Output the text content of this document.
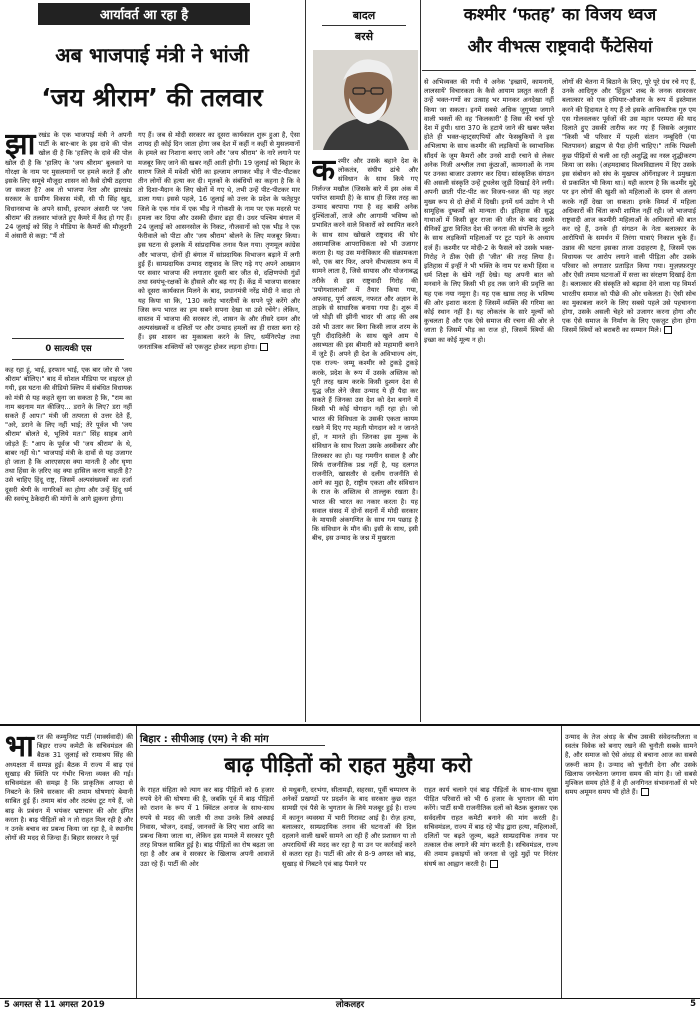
आर्यावर्त आ रहा है
अब भाजपाई मंत्री ने भांजी
‘जय श्रीराम’ की तलवार
झा रखंड के एक भाजपाई मंत्री ने अपनी पार्टी के बार-बार के इस दावे की पोल खोल दी है कि 'हालिए के दावे की पोल खोल दी है कि 'हालिए के 'जय श्रीराम' बुलवाने या गोरक्षा के नाम पर मुसलमानों पर हमले करते हैं और इसके लिए समूचे मौजूदा शासन को कैसे दोषी ठहराया जा सकता है? अब तो भाजपा नेता और झारखंड सरकार के ग्रामीण विकास मंत्री, सी पी सिंह खुद, विधानसभा के अपने साथी, इरफान अंसारी पर 'जय श्रीराम' की तलवार भांजते हुए कैमरे में कैद हो गए हैं। 24 जुलाई को सिंह ने मीडिया के कैमरों की मौजूदगी में अंसारी से कहा: "मैं तो
0 सात्यकी एस
कह रहा हूं, भाई, इरफान भाई, एक बार जोर से 'जय श्रीराम' बोलिए।" बाद में सोशल मीडिया पर वाइरल हो गयी, इस घटना की वीडियो क्लिप में संबंधित विधायक को मंत्री से यह कहते सुना जा सकता है कि, "राम का नाम बदनाम मत कीजिए... डराने के लिए? डरा नहीं सकते हैं आप।" मंत्री जी तत्परता से उत्तर देते हैं, "अरे, डराने के लिए नहीं भाई; तेरे पूर्वज भी 'जय श्रीराम' बोलते थे, भूलिये मत।" सिंह साहब आगे जोड़ते हैं: "आप के पूर्वज भी 'जय श्रीराम' के थे, बाबर नहीं थे।" भाजपाई मंत्री के दावों से यह उजागर हो जाता है कि आरएसएस क्या मानती है और घृणा तथा हिंसा के ज़रिए वह क्या हासिल करना चाहती है? उसे चाहिए हिंदू राष्ट्र, जिसमें अल्पसंख्यकों का दर्जा दूसरी श्रेणी के नागरिकों का होगा और उन्हें हिंदू धर्म की स्वयंभू ठेकेदारी की मांगों के आगे झुकना होगा।
गए हैं। जब से मोदी सरकार का दूसरा कार्यकाल शुरू हुआ है, ऐसा शायद ही कोई दिन जाता होगा जब देश में कहीं न कहीं से मुसलमानों के हमले का निशाना बनाए जाने और 'जय श्रीराम' के नारे लगाने पर मजबूर किए जाने की खबर नहीं आती होगी। 19 जुलाई को बिहार के सारण जिले में मवेशी चोरी का इल्जाम लगाकर भीड़ ने पीट-पीटकर तीन लोगों की हत्या कर दी। मृतकों के संबंधियों का कहना है कि वे तो दिशा-मैदान के लिए खेतों में गए थे, तभी उन्हें पीट-पीटकर मार डाला गया। इससे पहले, 16 जुलाई को उत्तर के प्रदेश के फतेहपुर जिले के एक गांव में एक भीड़ ने गोकशी के नाम पर एक मदरसे पर हमला कर दिया और उसकी दीवार ढहा दी। उधर पश्चिम बंगाल में 24 जुलाई को आसनसोल के निकट, नौजवानों को एक भीड़ ने एक फेरीवाले को पीटा और 'जय श्रीराम' बोलने के लिए मजबूर किया। इस घटना से इलाके में सांप्रदायिक तनाव फैल गया। तृणमूल कांग्रेस और भाजपा, दोनों ही बंगाल में सांप्रदायिक विभाजन बढ़ाने में लगी हुई हैं। साम्प्रदायिक उन्माद राष्ट्रवाद के लिए गढ़े गए अपने आख्यान पर सवार भाजपा की लगातार दूसरी बार जीत से, दक्षिणपंथी गुंडों तथा स्वयंभू-रक्षकों के हौसले और बढ़ गए हैं। केंद्र में भाजपा सरकार को दूसरा कार्यकाल मिलने के बाद, प्रधानमंत्री नरेंद्र मोदी ने वादा तो यह किया था कि, '130 करोड़ भारतीयों के सपने पूरे करेंगे और जिस रूप भारत का हम सबने सपना देखा था उसे रचेंगे'। लेकिन, वास्तव में भाजपा की सरकार तो, शासन के और तीसरे दमन और अल्पसंख्यकों व दलितों पर और उन्माद हमलों का ही रास्ता बना रहे हैं। इस शासन का मुकाबला करने के लिए, धर्मनिरपेक्ष तथा जनतांत्रिक शक्तियों को एकजुट होकर लड़ना होगा।
बादल
बरसे
क श्मीर और उसके बहाने देश के लोकतंत्र, संघीय ढांचे और संविधान के साथ किये गए निर्लज्ज मखौल (जिसके बारे में इस अंक में पर्याप्त सामग्री है) के साथ ही जिस तरह का उन्माद बरपाया गया है वह बाकी अनेक दुश्चिंताओं, ताजे और आगामी भविष्य को प्रभावित करने वाले विकारों को स्थापित करने के साथ साथ खोखले राष्ट्रवाद की घोर असामाजिक आपराधिकता को भी उजागर करता है। यह उस मनोविकार की संक्रामकता को, एक बार फिर, अपने वीभत्सतम रूप में सामने लाता है, जिसे सायास और योजनाबद्ध तरीके से इस राष्ट्रवादी गिरोह की 'प्रयोगशालाओं' में तैयार किया गया, अफवाह, पूर्ण असत्य, नफरत और अज्ञान के ताड़के से साधारिक बनाया गया है। शुरू में जो थोड़ी सी झीनी चादर थी आड़ की अब उसे भी उतार कर बिना किसी लाज शरम के पूरी दीदादिलेरी के साथ खुले आम ये असभ्यता की इस बीमारी को महामारी बनाने में जुटे हैं। अपने ही देश के अविभाज्य अंग, एक राज्य- जम्मू कश्मीर को टुकड़े टुकड़े करके, प्रदेश के रूप में उसके अस्तित्व को पूरी तरह खत्म करके किसी दुश्मन देश से युद्ध जीत लेने जैसा उन्माद ये ही पैदा कर सकते हैं जिनका उस देश को देश बनाने में किसी भी कोई योगदान नहीं रहा हो। जो भारत की विविधता के उसकी एकता कायम रखने में दिए गए महती योगदान को न जानते हों, न मानते हों। जिनका इस मुल्क के संविधान के साथ रिश्ता उसके अस्वीकार और तिरस्कार का हो। यह गमगीन सवाल है और सिर्फ राजनीतिक प्रश्न नहीं है, यह दलगत राजनीति, खासतौर से दलीय राजनीति से आगे का मुद्दा है, राष्ट्रीय एकता और संविधान के राज के अस्तित्व से ताल्लुक रखता है। भारत की भारत का नकार करता है। यह सवाल संसद में दोनों सदनों में मोदी सरकार के मायावी अंकगणित के साथ गम पछाड़ है कि संविधान के मौन की। इसी के साथ, इसी बीच, इस उन्माद के जश्न में मुखरता
कश्मीर ‘फतह’ का विजय ध्वज
और वीभत्स राष्ट्रवादी फैंटेसियां
से अभिव्यक्त की गयी ये अनेक 'इच्छायें, कामनायें, लालसायें' विचारकता के कैसे आयाम प्रस्तुत करती हैं उन्हें भक्त-गणों का उत्साह भर मानकर अनदेखा नहीं किया जा सकता। इनमें सबसे अधिक जुगुप्सा जगाने वाली भक्तों की वह 'किलकारी' है जिस की चर्चा पूरे देश में हुयी। धारा 370 के हटाये जाने की खबर फ्लैश होते ही भक्त-व्हाट्सएपियों और फेसबुकियों ने इस अभिलाषा के साथ कश्मीर की लड़कियों के स्वाभाविक सौंदर्य के जूम कैमरों और उनसे शादी रचाने से लेकर अनेक निजी अश्लील तथा कुंठाओं, कामनाओं के नाम पर उनका बाजार उजागर कर दिया। सांस्कृतिक संगठन की असली संस्कृति उन्हें टूथलेस जुड़ी दिखाई देने लगी। अपनी छाती पीट-पीट कर विजय-ध्वज की यह लहर मुख्य रूप से दो क्षेत्रों में दिखी। इनमें धर्म उद्योग ने भी सामूहिक दुष्कर्मों को मान्यता दी। इतिहास की सुद्ध गाथाओं में किसी क्रूर राजा की जीत के बाद उसके सैनिकों द्वारा विजित देश की जनता की संपत्ति के लूटने के साथ लड़कियों महिलाओं पर टूट पड़ने के अध्याय दर्ज हैं। कश्मीर पर मोदी-2 के फैसले को उसके भक्त-गिरोह ने ठीक ऐसी ही 'जीत' की तरह लिया है। इतिहास में इन्हीं ने भी भक्ति के नाम पर कभी हिंसा व धर्म शिक्षा के खेमे नहीं देखे। यह अपनी बात को मनवाने के लिए किसी भी हद तक जाने की प्रवृत्ति का यह एक नया नमूना है। यह एक खास तरह के भविष्य की ओर इशारा करता है जिसमें व्यक्ति की गरिमा का कोई स्थान नहीं है। यह लोकतंत्र के सारे मूल्यों को कुचलता है और एक ऐसे समाज की रचना की ओर ले जाता है जिसमें भीड़ का राज हो, जिसमें स्त्रियों की इच्छा का कोई मूल्य न हो।
लोगों की चेतना में बिठाने के लिए, पूरे पूरे ग्रंथ रचे गए हैं, उनके आदिगुरु और 'हिंदुत्व' शब्द के जनक सावरकर बलात्कार को एक हथियार-औजार के रूप में इस्तेमाल करने की हिदायत दे गए हैं तो इसके आधिकारिक गुरु एम एस गोलवलकर पूर्वजों की उस महान परम्परा की याद दिलाते हुए उसकी तारीफ कर गए हैं जिसके अनुसार "किसी भी परिवार में पहली संतान नम्बूदिरी (या चितपावन) ब्राह्मण से पैदा होनी चाहिए।" ताकि पिछली कुछ पीढ़ियों से चली आ रही अशुद्धि का नस्ल शुद्धीकरण किया जा सके। (अहमदाबाद विश्वविद्यालय में दिए उसके इस संबोधन को संघ के मुखपत्र ऑर्गेनाइजर ने प्रमुखता से प्रकाशित भी किया था।) यही कारण है कि कश्मीर मुद्दे पर इन लोगों की खुशी को महिलाओं के दमन से अलग करके नहीं देखा जा सकता। इनके विमर्श में महिला अधिकारों की चिंता कभी शामिल नहीं रही। जो भाजपाई राष्ट्रवादी आज कश्मीरी महिलाओं के अधिकारों की बात कर रहे हैं, उनके ही संगठन के नेता बलात्कार के आरोपियों के समर्थन में तिरंगा यात्राएं निकाल चुके हैं। उन्नाव की घटना इसका ताजा उदाहरण है, जिसमें एक विधायक पर आरोप लगाने वाली पीड़िता और उसके परिवार को लगातार प्रताड़ित किया गया। मुज़फ़्फ़रपुर और ऐसी तमाम घटनाओं में सत्ता का संरक्षण दिखाई देता है। बलात्कार की संस्कृति को बढ़ावा देने वाला यह विमर्श भारतीय समाज को पीछे की ओर धकेलता है। ऐसी सोच का मुकाबला करने के लिए सबसे पहले उसे पहचानना होगा, उसके असली चेहरे को उजागर करना होगा और एक ऐसे समाज के निर्माण के लिए एकजुट होना होगा जिसमें स्त्रियों को बराबरी का सम्मान मिले।
भा रत की कम्युनिस्ट पार्टी (मार्क्सवादी) की बिहार राज्य कमेटी के सचिवमंडल की बैठक 31 जुलाई को रामाश्रय सिंह की अध्यक्षता में सम्पन्न हुई। बैठक में राज्य में बाढ़ एवं सुखाड़ की स्थिति पर गंभीर चिन्ता व्यक्त की गई। सचिवमंडल की समझ है कि प्राकृतिक आपदा से निबटने के लिये सरकार की तमाम घोषणाएं बेमानी साबित हुई हैं। तमाम बांध और तटबंध टूट गये हैं, जो बाढ़ के प्रबंधन में भयंकर भ्रष्टाचार की ओर इंगित करता है। बाढ़ पीड़ितों को न तो राहत मिल रही है और न उनके बचाव का प्रबन्ध किया जा रहा है, वे स्थानीय लोगों की मदद से जिन्दा हैं। बिहार सरकार ने पूर्व
बिहार : सीपीआइ (एम) ने की मांग
बाढ़ पीड़ितों को राहत मुहैया करो
के राहत संहिता को त्याग कर बाढ़ पीड़ितों को 6 हजार रुपये देने की घोषणा की है, जबकि पूर्व में बाढ़ पीड़ितों को राशन के रूप में 1 क्विंटल अनाज के साथ-साथ रुपये से मदद की जाती थी तथा उनके लिये अस्थाई निवास, भोजन, दवाई, जानवरों के लिए चारा आदि का प्रबन्ध किया जाता था, लेकिन इस मामले में सरकार पूरी तरह विफल साबित हुई है। बाढ़ पीड़ितों का रोष बढ़ता जा रहा है और अब वे सरकार के खिलाफ अपनी आवाजें उठा रहे हैं। पार्टी की ओर
से मधुबनी, दरभंगा, सीतामढ़ी, सहरसा, पूर्वी चम्पारण के अनेकों प्रखण्डों पर प्रदर्शन के बाद सरकार कुछ राहत सामग्री एवं पैसे के भुगतान के लिये मजबूर हुई है। राज्य में कानून व्यवस्था में भारी गिरावट आई है। रोज़ हत्या, बलात्कार, साम्प्रदायिक तनाव की घटनाओं की दिल दहलाने वाली खबरें सामने आ रही हैं और प्रशासन या तो अपराधियों की मदद कर रहा है या उन पर कार्रवाई करने से कतरा रहा है। पार्टी की ओर से 8-9 अगस्त को बाढ़, सुखाड़ से निबटने एवं बाढ़ पैमाने पर
राहत कार्य चलाने एवं बाढ़ पीड़ितों के साथ-साथ सूखा पीड़ित परिवारों को भी 6 हजार के भुगतान की मांग करेंगे। पार्टी सभी राजनीतिक दलों को बैठक बुलाकर एक सर्वदलीय राहत कमेटी बनाने की मांग करती है। सचिवमंडल, राज्य में बाढ़ रहे भीड़ द्वारा हत्या, महिलाओं, दलितों पर बढ़ते जुल्म, बढ़ते साम्प्रदायिक तनाव पर तत्काल रोक लगाने की मांग करती है। सचिवमंडल, राज्य की तमाम इकाइयों को जनता से जुड़े मुद्दों पर निरंतर संघर्ष का आह्वान करती है।
उन्माद के तेज अंधड़ के बीच उसकी संवेदनशीलता व स्वतंत्र विवेक को बनाए रखने की चुनौती सबके सामने है, और समाज को ऐसे अंधड़ से बचाना आज का सबसे जरूरी काम है। उन्माद को चुनौती देना और उसके खिलाफ जनचेतना जगाना समय की मांग है। जो सबसे मुश्किल समय होते हैं वे ही अनगिनत संभावनाओं से भरे समय अमूमन समय भी होते हैं।
5 अगस्त से 11 अगस्त 2019	लोकलहर	5
